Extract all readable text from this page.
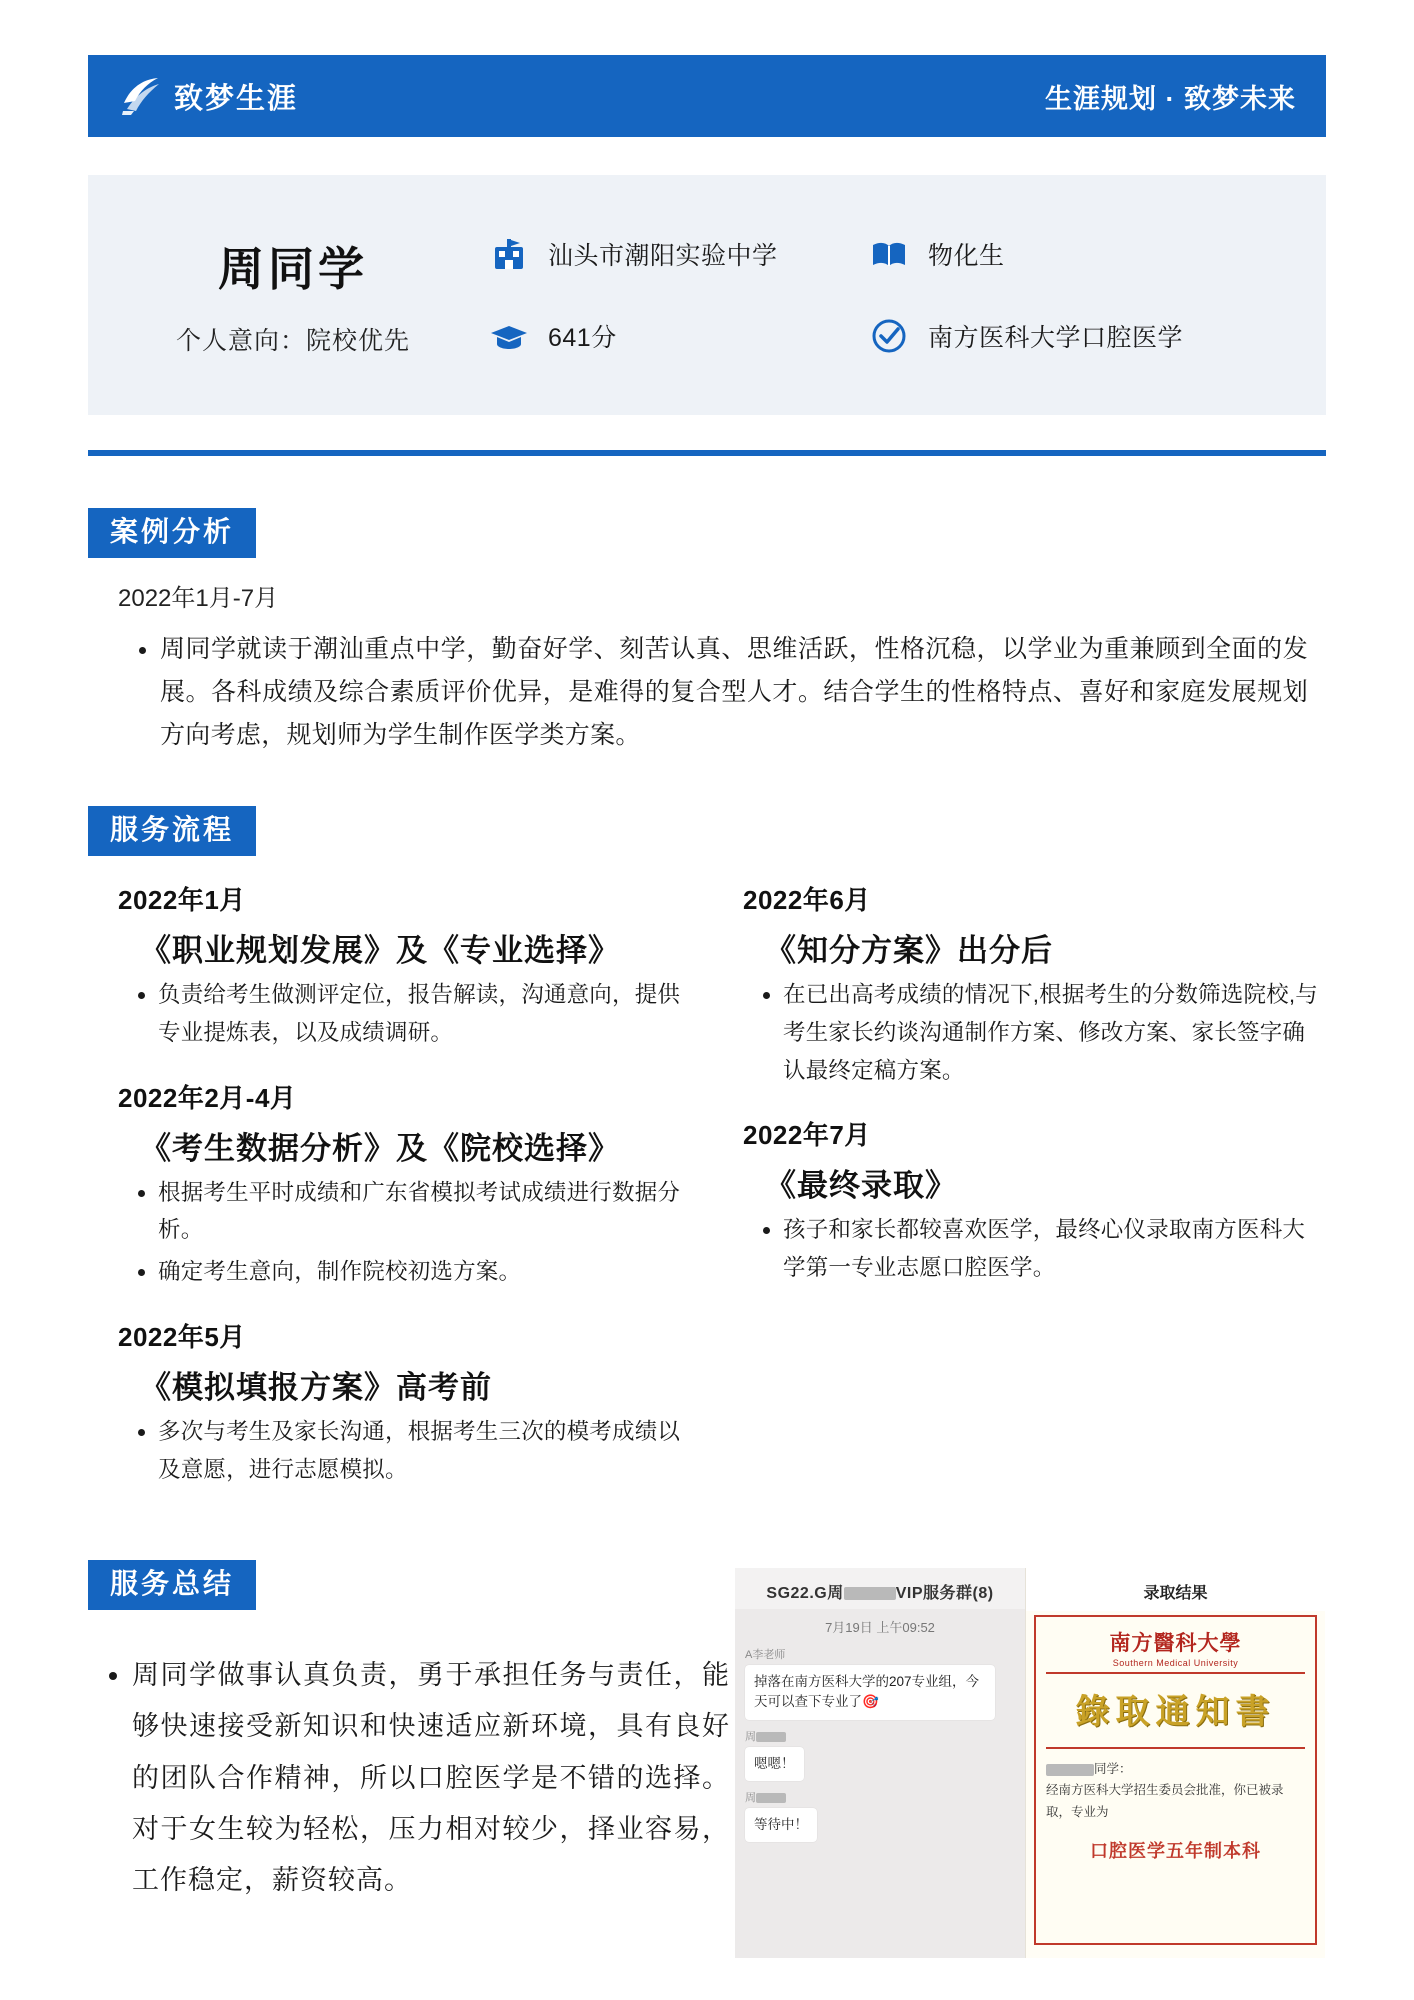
致梦生涯	生涯规划 · 致梦未来
周同学
个人意向：院校优先
汕头市潮阳实验中学	物化生
641分	南方医科大学口腔医学
案例分析
2022年1月-7月
• 周同学就读于潮汕重点中学，勤奋好学、刻苦认真、思维活跃，性格沉稳，以学业为重兼顾到全面的发展。各科成绩及综合素质评价优异，是难得的复合型人才。结合学生的性格特点、喜好和家庭发展规划方向考虑，规划师为学生制作医学类方案。
服务流程
2022年1月
《职业规划发展》及《专业选择》
• 负责给考生做测评定位，报告解读，沟通意向，提供专业提炼表，以及成绩调研。
2022年2月-4月
《考生数据分析》及《院校选择》
• 根据考生平时成绩和广东省模拟考试成绩进行数据分析。
• 确定考生意向，制作院校初选方案。
2022年5月
《模拟填报方案》高考前
• 多次与考生及家长沟通，根据考生三次的模考成绩以及意愿，进行志愿模拟。
2022年6月
《知分方案》出分后
• 在已出高考成绩的情况下,根据考生的分数筛选院校,与考生家长约谈沟通制作方案、修改方案、家长签字确认最终定稿方案。
2022年7月
《最终录取》
• 孩子和家长都较喜欢医学，最终心仪录取南方医科大学第一专业志愿口腔医学。
服务总结
• 周同学做事认真负责，勇于承担任务与责任，能够快速接受新知识和快速适应新环境，具有良好的团队合作精神，所以口腔医学是不错的选择。对于女生较为轻松，压力相对较少，择业容易，工作稳定，薪资较高。
SG22.G周	VIP服务群(8)
7月19日 上午09:52
A李老师
掉落在南方医科大学的207专业组，今天可以查下专业了🎯
周
嗯嗯！
周
等待中！
录取结果
南方醫科大學
Southern Medical University
錄取通知書
同学：
经南方医科大学招生委员会批准，你已被录取，专业为
口腔医学五年制本科
